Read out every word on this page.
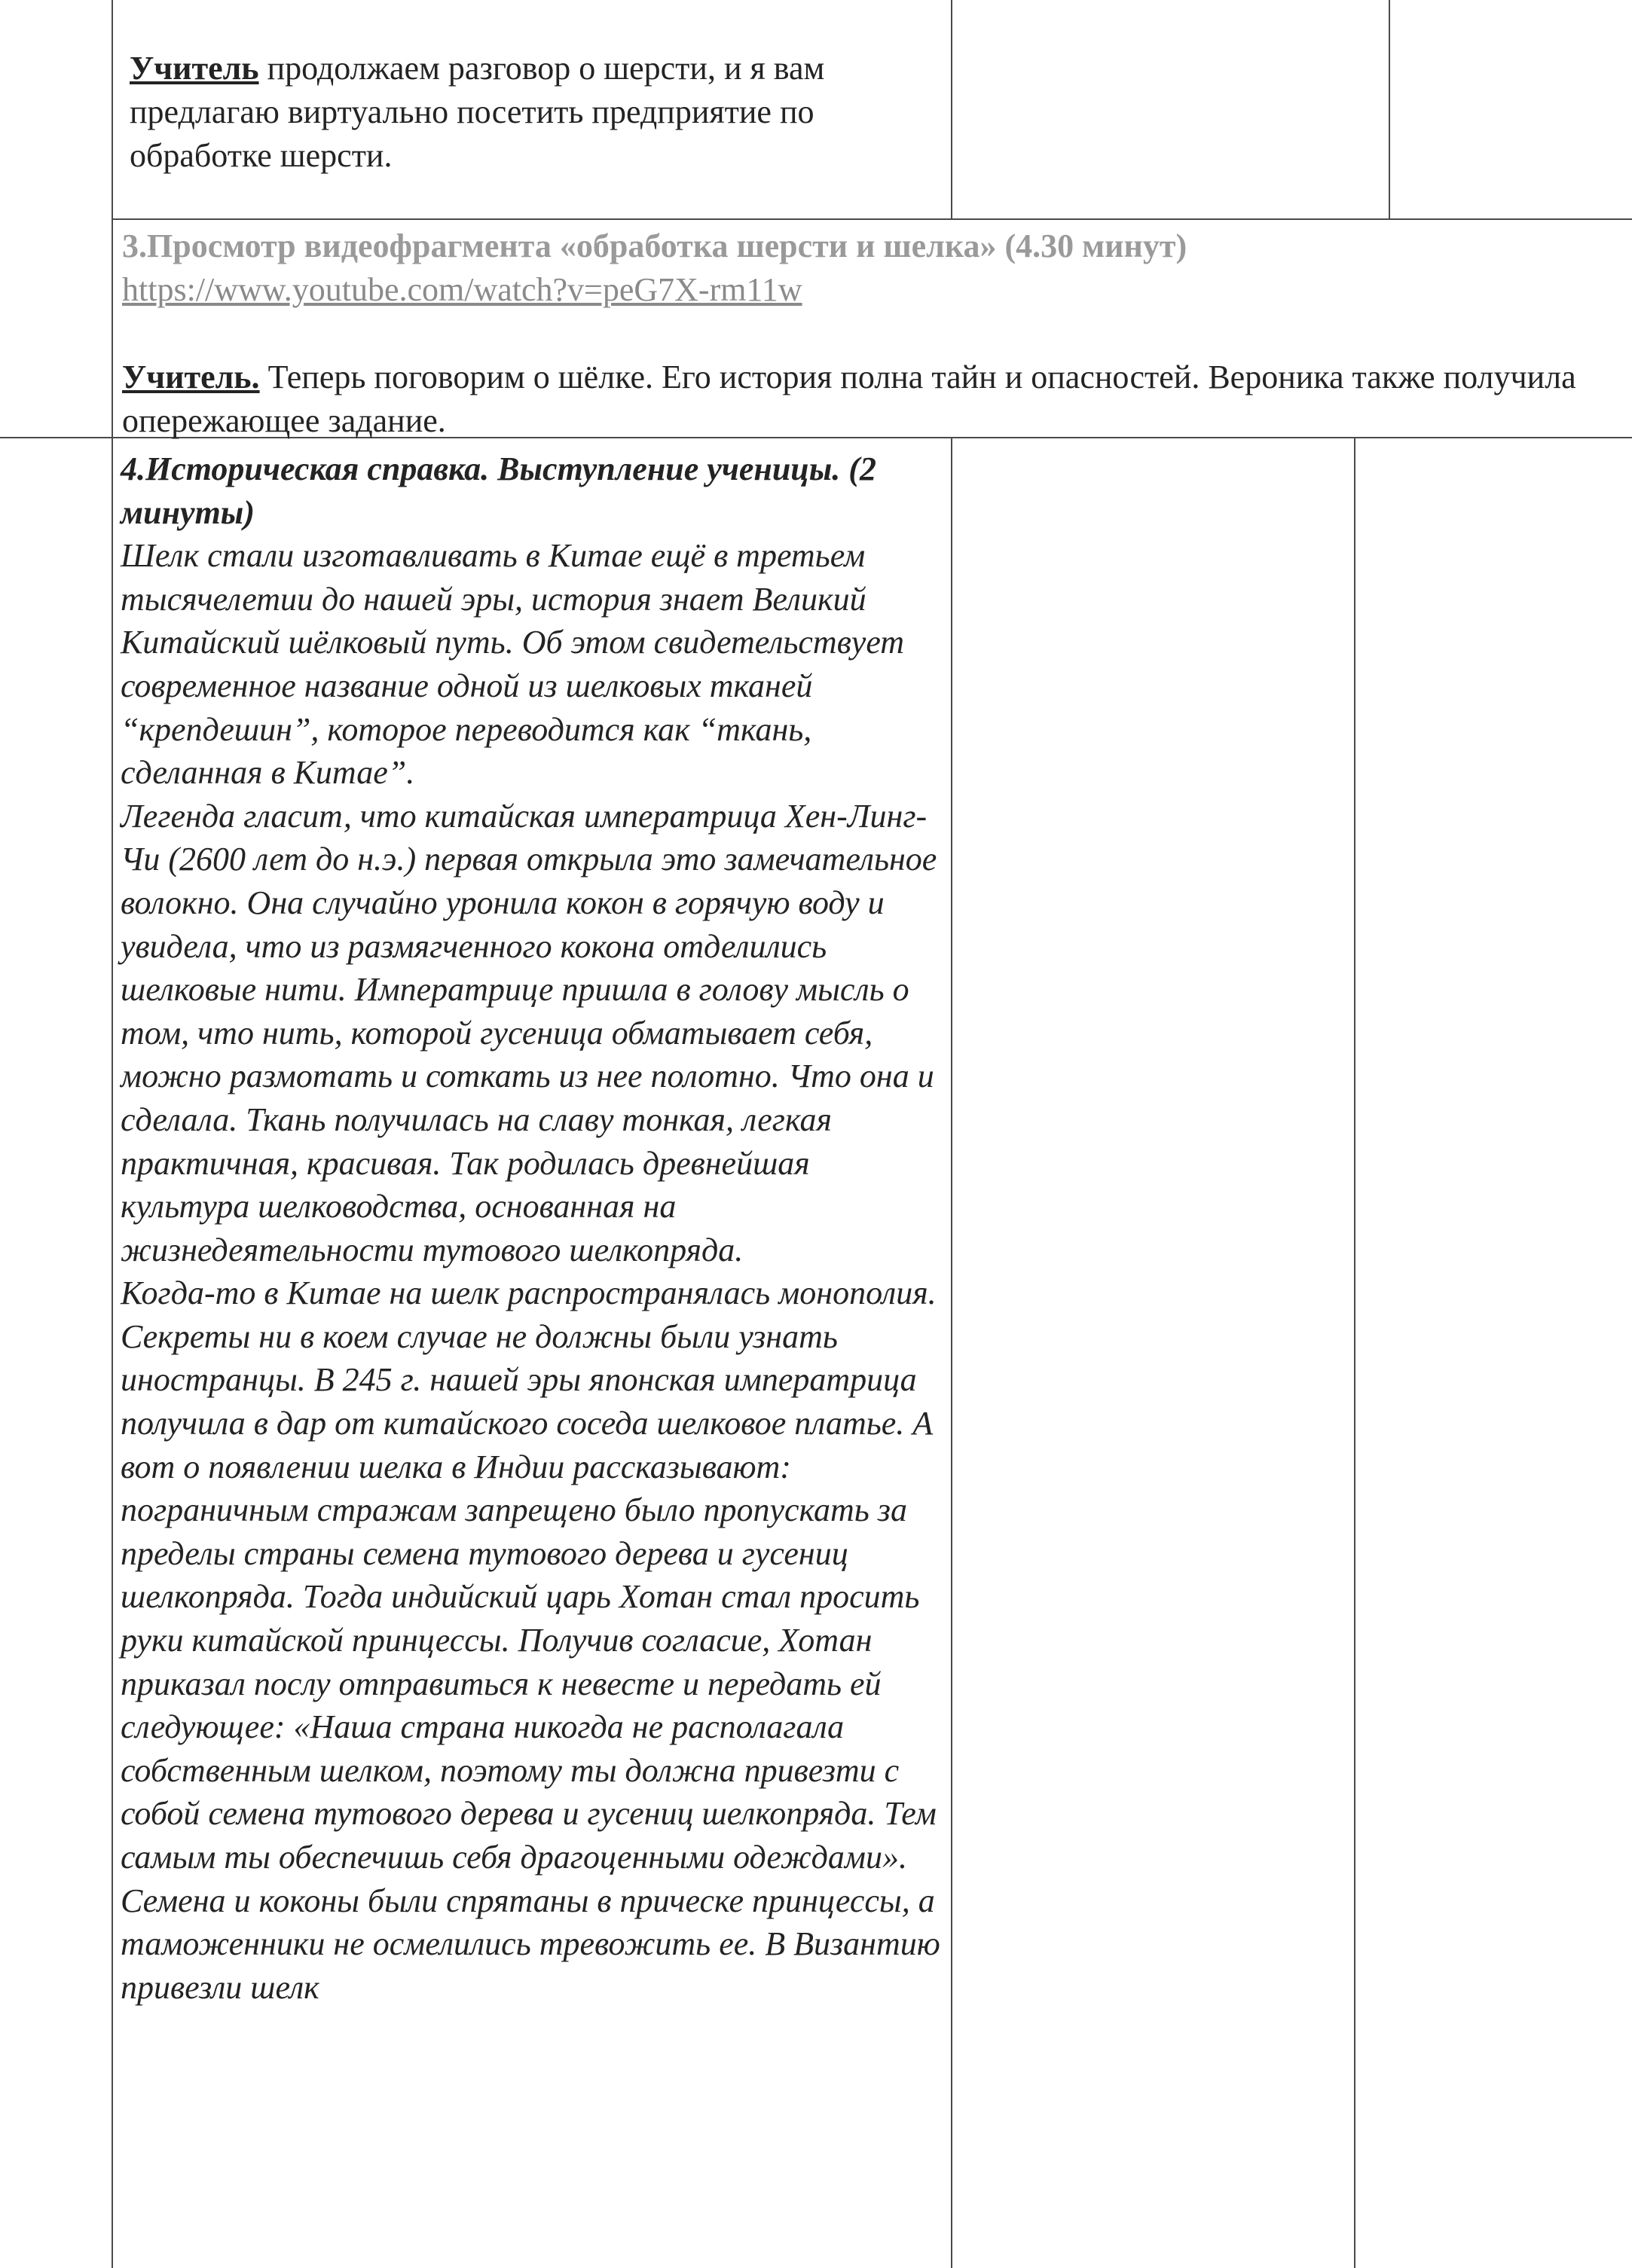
Учитель продолжаем разговор о шерсти, и я вам предлагаю виртуально посетить предприятие по обработке шерсти.

3.Просмотр видеофрагмента «обработка шерсти и шелка» (4.30 минут)

https://www.youtube.com/watch?v=peG7X-rm11w

Учитель. Теперь поговорим о шёлке. Его история полна тайн и опасностей. Вероника также получила опережающее задание.

4.Историческая справка. Выступление ученицы. (2 минуты)

Шелк стали изготавливать в Китае ещё в третьем тысячелетии до нашей эры, история знает Великий Китайский шёлковый путь. Об этом свидетельствует современное название одной из шелковых тканей “крепдешин”, которое переводится как “ткань, сделанная в Китае”.

Легенда гласит, что китайская императрица Хен-Линг-Чи (2600 лет до н.э.) первая открыла это замечательное волокно. Она случайно уронила кокон в горячую воду и увидела, что из размягченного кокона отделились шелковые нити. Императрице пришла в голову мысль о том, что нить, которой гусеница обматывает себя, можно размотать и соткать из нее полотно. Что она и сделала. Ткань получилась на славу тонкая, легкая практичная, красивая. Так родилась древнейшая культура шелководства, основанная на жизнедеятельности тутового шелкопряда.

Когда-то в Китае на шелк распространялась монополия. Секреты ни в коем случае не должны были узнать иностранцы. В 245 г. нашей эры японская императрица получила в дар от китайского соседа шелковое платье. А вот о появлении шелка в Индии рассказывают: пограничным стражам запрещено было пропускать за пределы страны семена тутового дерева и гусениц шелкопряда. Тогда индийский царь Хотан стал просить руки китайской принцессы. Получив согласие, Хотан приказал послу отправиться к невесте и передать ей следующее: «Наша страна никогда не располагала собственным шелком, поэтому ты должна привезти с собой семена тутового дерева и гусениц шелкопряда. Тем самым ты обеспечишь себя драгоценными одеждами». Семена и коконы были спрятаны в прическе принцессы, а таможенники не осмелились тревожить ее. В Византию привезли шелк
